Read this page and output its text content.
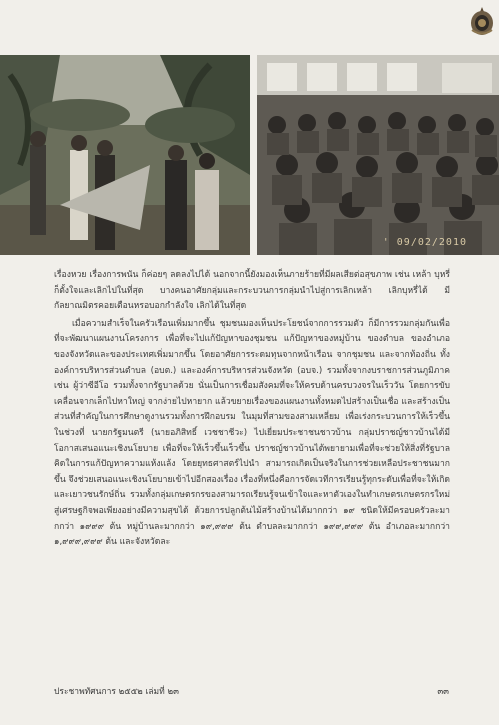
' 09/02/2010

เรื่องหวย เรื่องการพนัน ก็ค่อยๆ ลดลงไปได้ นอกจากนี้ยังมองเห็นภายร้ายที่มีผลเสียต่อสุขภาพ เช่น เหล้า บุหรี่ ก็ตั้งใจและเลิกไปในที่สุด บางคนอาศัยกลุ่มและกระบวนการกลุ่มนำไปสู่การเลิกเหล้า เลิกบุหรี่ได้ มีกัลยาณมิตรคอยเตือนหรอบอกกำลังใจ เลิกได้ในที่สุด

เมื่อความสำเร็จในครัวเรือนเพิ่มมากขึ้น ชุมชนมองเห็นประโยชน์จากการรวมตัว ก็มีการรวมกลุ่มกันเพื่อที่จะพัฒนาแผนงานโครงการ เพื่อที่จะไปแก้ปัญหาของชุมชน แก้ปัญหาของหมู่บ้าน ของตำบล ของอำเภอ ของจังหวัดและของประเทศเพิ่มมากขึ้น โดยอาศัยการระดมทุนจากหน้าเรือน จากชุมชน และจากท้องถิ่น ทั้งองค์การบริหารส่วนตำบล (อบต.) และองค์การบริหารส่วนจังหวัด (อบจ.) รวมทั้งจากงบราชการส่วนภูมิภาค เช่น ผู้ว่าซีอีโอ รวมทั้งจากรัฐบาลด้วย นั่นเป็นการเชื่อมสังคมที่จะให้ครบด้านครบวงจรในเร็ววัน โดยการขับเคลื่อนจากเล็กไปหาใหญ่ จากง่ายไปหายาก แล้วขยายเรื่องของแผนงานทั้งหมดไปสร้างเป็นเชื่อ และสร้างเป็นส่วนที่สำคัญในการศึกษาดูงานรวมทั้งการฝึกอบรม ในมุมที่สามของสามเหลี่ยม เพื่อเร่งกระบวนการให้เร็วขึ้น ในช่วงที่ นายกรัฐมนตรี (นายอภิสิทธิ์ เวชชาชีวะ) ไปเยี่ยมประชาชนชาวบ้าน กลุ่มปราชญ์ชาวบ้านได้มีโอกาสเสนอแนะเชิงนโยบาย เพื่อที่จะให้เร็วขึ้นเร็วขึ้น ปราชญ์ชาวบ้านได้พยายามเพื่อที่จะช่วยให้สิ่งที่รัฐบาลคิดในการแก้ปัญหาความแห้งแล้ง โดยยุทธศาสตร์ไปนำ สามารถเกิดเป็นจริงในการช่วยเหลือประชาชนมากขึ้น จึงช่วยเสนอแนะเชิงนโยบายเข้าไปอีกสองเรื่อง เรื่องที่หนึ่งคือการจัดเวทีการเรียนรู้ทุกระดับเพื่อที่จะให้เกิดและเยาวชนรักษ์ถิ่น รวมทั้งกลุ่มเกษตรกรของสามารถเรียนรู้จนเข้าใจและหาตัวเองในทำเกษตรเกษตรกรใหม่สู่เศรษฐกิจพอเพียงอย่างมีความสุขได้ ด้วยการปลูกต้นไม้สร้างบ้านได้มากกว่า ๑๙ ชนิดให้มีครอบครัวละมากกว่า ๑๙๙๙ ต้น หมู่บ้านละมากกว่า ๑๙,๙๙๙ ต้น ตำบลละมากกว่า ๑๙๙,๙๙๙ ต้น อำเภอละมากกว่า ๑,๙๙๙,๙๙๙ ต้น และจังหวัดละ

ประชาพทัศนการ ๒๕๕๒ เล่มที่ ๒๓	๓๓
